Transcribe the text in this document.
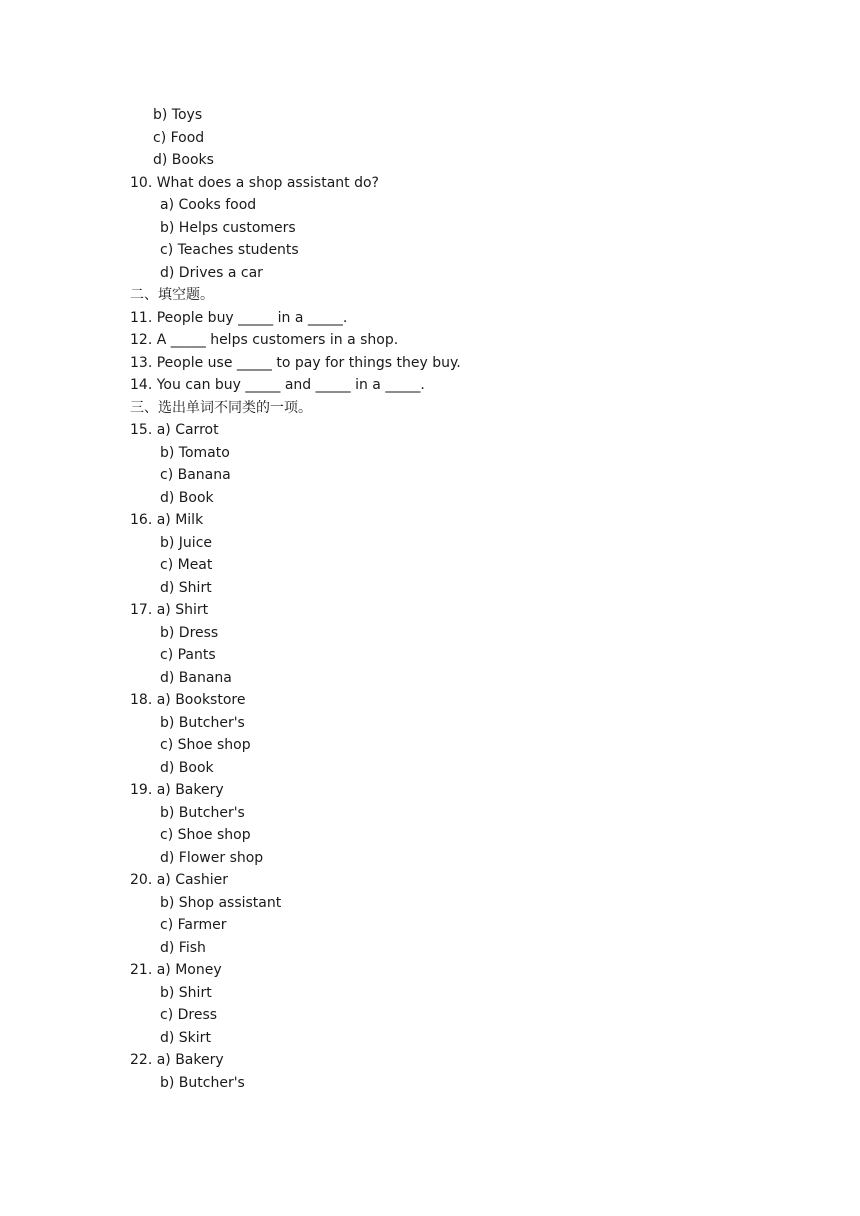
b) Toys
c) Food
d) Books
10. What does a shop assistant do?
a) Cooks food
b) Helps customers
c) Teaches students
d) Drives a car
二、填空题。
11. People buy _____ in a _____.
12. A _____ helps customers in a shop.
13. People use _____ to pay for things they buy.
14. You can buy _____ and _____ in a _____.
三、选出单词不同类的一项。
15. a) Carrot
b) Tomato
c) Banana
d) Book
16. a) Milk
b) Juice
c) Meat
d) Shirt
17. a) Shirt
b) Dress
c) Pants
d) Banana
18. a) Bookstore
b) Butcher's
c) Shoe shop
d) Book
19. a) Bakery
b) Butcher's
c) Shoe shop
d) Flower shop
20. a) Cashier
b) Shop assistant
c) Farmer
d) Fish
21. a) Money
b) Shirt
c) Dress
d) Skirt
22. a) Bakery
b) Butcher's
